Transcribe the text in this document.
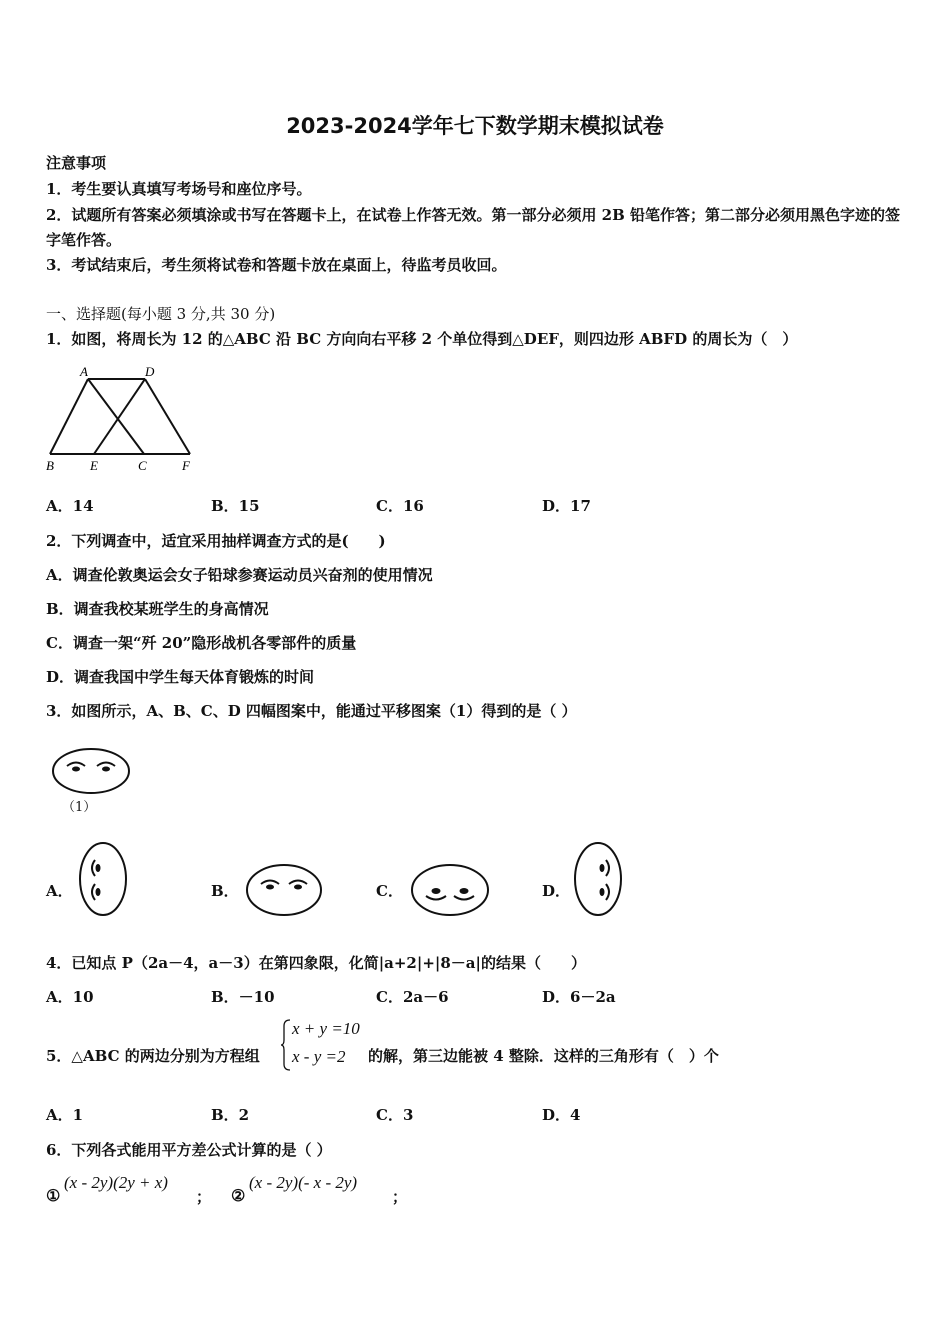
2023-2024学年七下数学期末模拟试卷
注意事项
1．考生要认真填写考场号和座位序号。
2．试题所有答案必须填涂或书写在答题卡上，在试卷上作答无效。第一部分必须用 2B 铅笔作答；第二部分必须用黑色字迹的签字笔作答。
3．考试结束后，考生须将试卷和答题卡放在桌面上，待监考员收回。
一、选择题(每小题 3 分,共 30 分)
1．如图，将周长为 12 的△ABC 沿 BC 方向向右平移 2 个单位得到△DEF，则四边形 ABFD 的周长为（　）
A	D
B	E	C	F
A．14	B．15	C．16	D．17
2．下列调查中，适宜采用抽样调查方式的是(　　)
A．调查伦敦奥运会女子铅球参赛运动员兴奋剂的使用情况
B．调查我校某班学生的身高情况
C．调查一架“歼 20”隐形战机各零部件的质量
D．调查我国中学生每天体育锻炼的时间
3．如图所示，A、B、C、D 四幅图案中，能通过平移图案（1）得到的是（ ）
（1）
A．	B．	C．	D．
4．已知点 P（2a－4，a－3）在第四象限，化简|a+2|+|8－a|的结果（　　）
A．10	B．－10	C．2a－6	D．6－2a
5．△ABC 的两边分别为方程组
x + y =10
x - y =2 的解，第三边能被 4 整除．这样的三角形有（　）个
A．1	B．2	C．3	D．4
6．下列各式能用平方差公式计算的是（ ）
①
(x - 2y)(2y + x)
； ②
(x - 2y)(- x - 2y)
；
